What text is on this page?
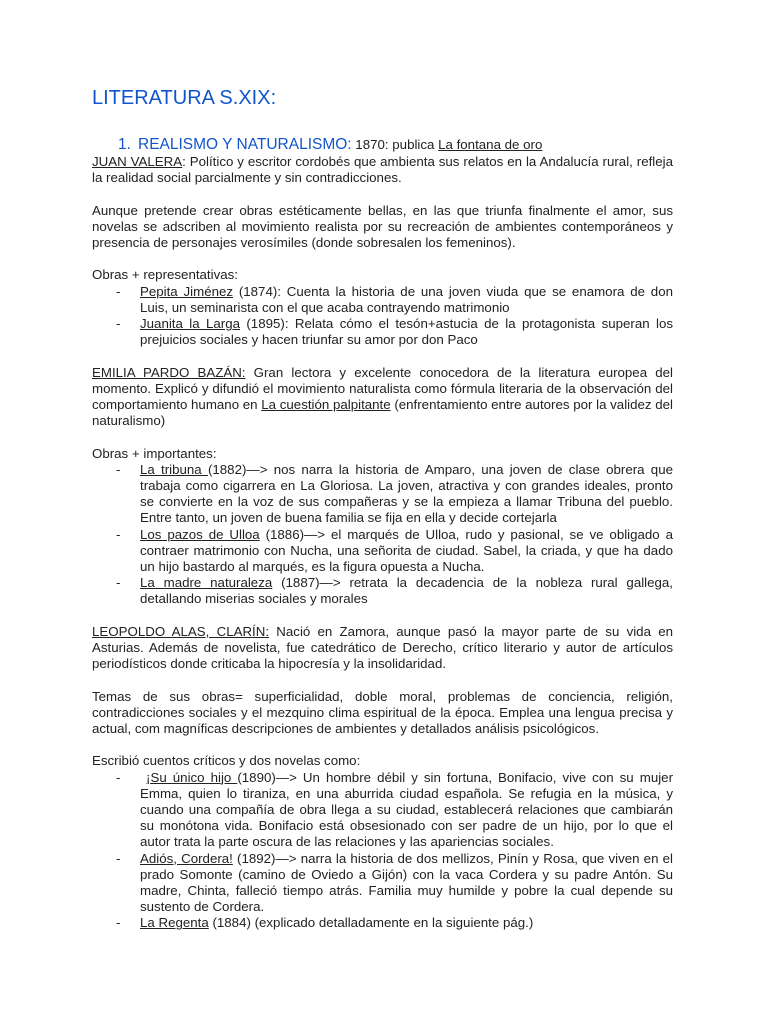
LITERATURA S.XIX:
1. REALISMO Y NATURALISMO: 1870: publica La fontana de oro

JUAN VALERA: Político y escritor cordobés que ambienta sus relatos en la Andalucía rural, refleja la realidad social parcialmente y sin contradicciones.

Aunque pretende crear obras estéticamente bellas, en las que triunfa finalmente el amor, sus novelas se adscriben al movimiento realista por su recreación de ambientes contemporáneos y presencia de personajes verosímiles (donde sobresalen los femeninos).

Obras + representativas:

- Pepita Jiménez (1874): Cuenta la historia de una joven viuda que se enamora de don Luis, un seminarista con el que acaba contrayendo matrimonio
- Juanita la Larga (1895): Relata cómo el tesón+astucia de la protagonista superan los prejuicios sociales y hacen triunfar su amor por don Paco

EMILIA PARDO BAZÁN: Gran lectora y excelente conocedora de la literatura europea del momento. Explicó y difundió el movimiento naturalista como fórmula literaria de la observación del comportamiento humano en La cuestión palpitante (enfrentamiento entre autores por la validez del naturalismo)

Obras + importantes:

- La tribuna (1882)—> nos narra la historia de Amparo, una joven de clase obrera que trabaja como cigarrera en La Gloriosa. La joven, atractiva y con grandes ideales, pronto se convierte en la voz de sus compañeras y se la empieza a llamar Tribuna del pueblo. Entre tanto, un joven de buena familia se fija en ella y decide cortejarla
- Los pazos de Ulloa (1886)—> el marqués de Ulloa, rudo y pasional, se ve obligado a contraer matrimonio con Nucha, una señorita de ciudad. Sabel, la criada, y que ha dado un hijo bastardo al marqués, es la figura opuesta a Nucha.
- La madre naturaleza (1887)—> retrata la decadencia de la nobleza rural gallega, detallando miserias sociales y morales

LEOPOLDO ALAS, CLARÍN: Nació en Zamora, aunque pasó la mayor parte de su vida en Asturias. Además de novelista, fue catedrático de Derecho, crítico literario y autor de artículos periodísticos donde criticaba la hipocresía y la insolidaridad.

Temas de sus obras= superficialidad, doble moral, problemas de conciencia, religión, contradicciones sociales y el mezquino clima espiritual de la época. Emplea una lengua precisa y actual, com magníficas descripciones de ambientes y detallados análisis psicológicos.

Escribió cuentos críticos y dos novelas como:

- ¡Su único hijo (1890)—> Un hombre débil y sin fortuna, Bonifacio, vive con su mujer Emma, quien lo tiraniza, en una aburrida ciudad española. Se refugia en la música, y cuando una compañía de obra llega a su ciudad, establecerá relaciones que cambiarán su monótona vida. Bonifacio está obsesionado con ser padre de un hijo, por lo que el autor trata la parte oscura de las relaciones y las apariencias sociales.
- Adiós, Cordera! (1892)—> narra la historia de dos mellizos, Pinín y Rosa, que viven en el prado Somonte (camino de Oviedo a Gijón) con la vaca Cordera y su padre Antón. Su madre, Chinta, falleció tiempo atrás. Familia muy humilde y pobre la cual depende su sustento de Cordera.
- La Regenta (1884) (explicado detalladamente en la siguiente pág.)
